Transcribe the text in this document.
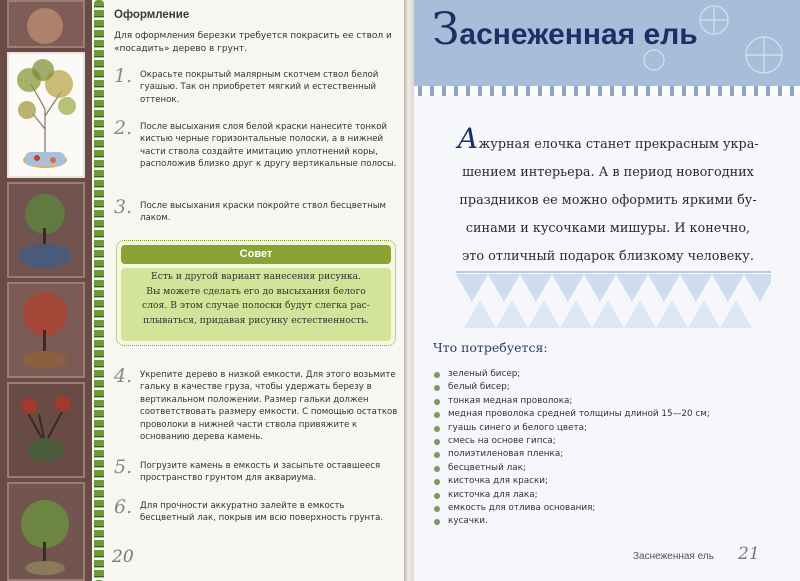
Оформление
Для оформления березки требуется покрасить ее ствол и «посадить» дерево в грунт.
1. Окрасьте покрытый малярным скотчем ствол белой гуашью. Так он приобретет мягкий и естественный оттенок.
2. После высыхания слоя белой краски нанесите тонкой кистью черные горизонтальные полоски, а в нижней части ствола создайте имитацию уплотнений коры, расположив близко друг к другу вертикальные полосы.
3. После высыхания краски покройте ствол бесцветным лаком.
Совет
Есть и другой вариант нанесения рисунка.
Вы можете сделать его до высыхания белого
слоя. В этом случае полоски будут слегка рас-
плываться, придавая рисунку естественность.
4. Укрепите дерево в низкой емкости. Для этого возьмите гальку в качестве груза, чтобы удержать березу в вертикальном положении. Размер гальки должен соответствовать размеру емкости. С помощью остатков проволоки в нижней части ствола привяжите к основанию дерева камень.
5. Погрузите камень в емкость и засыпьте оставшееся пространство грунтом для аквариума.
6. Для прочности аккуратно залейте в емкость бесцветный лак, покрыв им всю поверхность грунта.
20
Заснеженная ель
Ажурная елочка станет прекрасным укра-
шением интерьера. А в период новогодних
праздников ее можно оформить яркими бу-
синами и кусочками мишуры. И конечно,
это отличный подарок близкому человеку.
Что потребуется:
зеленый бисер;
белый бисер;
тонкая медная проволока;
медная проволока средней толщины длиной 15—20 см;
гуашь синего и белого цвета;
смесь на основе гипса;
полиэтиленовая пленка;
бесцветный лак;
кисточка для краски;
кисточка для лака;
емкость для отлива основания;
кусачки.
Заснеженная ель 21
